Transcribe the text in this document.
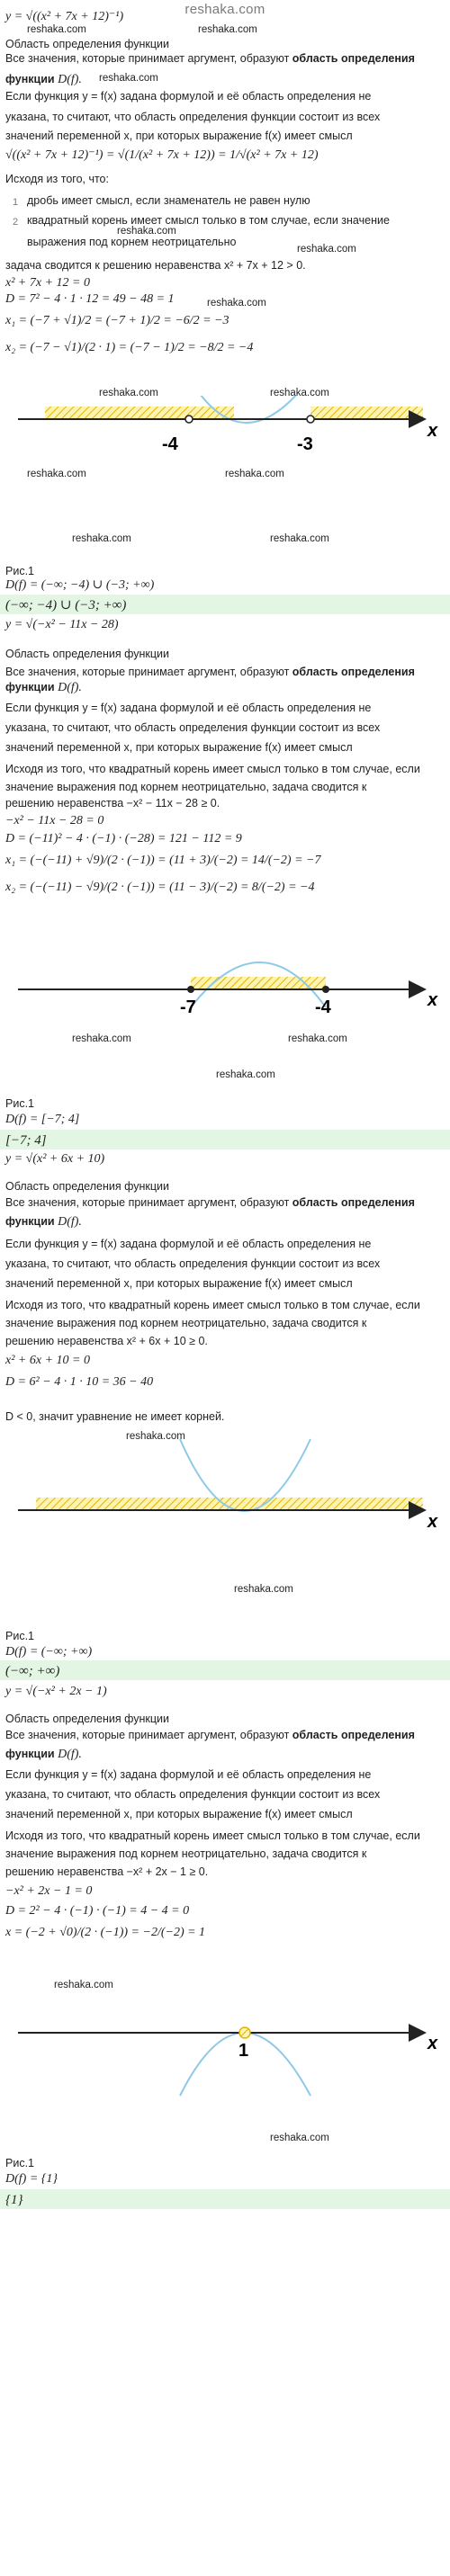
reshaka.com
y = √((x² + 7x + 12)⁻¹)
Область определения функции
Все значения, которые принимает аргумент, образуют область определения
функции D(f).
Если функция y = f(x) задана формулой и её область определения не
указана, то считают, что область определения функции состоит из всех
значений переменной x, при которых выражение f(x) имеет смысл
√((x² + 7x + 12)⁻¹) = √(1/(x² + 7x + 12)) = 1/√(x² + 7x + 12)
Исходя из того, что:
1 дробь имеет смысл, если знаменатель не равен нулю
2 квадратный корень имеет смысл только в том случае, если значение
выражения под корнем неотрицательно
задача сводится к решению неравенства x² + 7x + 12 > 0.
x² + 7x + 12 = 0
D = 7² − 4 · 1 · 12 = 49 − 48 = 1
x₁ = (−7 + √1)/2 = (−7 + 1)/2 = −6/2 = −3
x₂ = (−7 − √1)/(2 · 1) = (−7 − 1)/2 = −8/2 = −4
-4	-3
x
Рис.1
D(f) = (−∞; −4) ∪ (−3; +∞)
(−∞; −4) ∪ (−3; +∞)
y = √(−x² − 11x − 28)
Область определения функции
Все значения, которые принимает аргумент, образуют область определения
функции D(f).
Если функция y = f(x) задана формулой и её область определения не
указана, то считают, что область определения функции состоит из всех
значений переменной x, при которых выражение f(x) имеет смысл
Исходя из того, что квадратный корень имеет смысл только в том случае, если
значение выражения под корнем неотрицательно, задача сводится к
решению неравенства −x² − 11x − 28 ≥ 0.
−x² − 11x − 28 = 0
D = (−11)² − 4 · (−1) · (−28) = 121 − 112 = 9
x₁ = (−(−11) + √9)/(2 · (−1)) = (11 + 3)/(−2) = 14/(−2) = −7
x₂ = (−(−11) − √9)/(2 · (−1)) = (11 − 3)/(−2) = 8/(−2) = −4
-7	-4	x
Рис.1
D(f) = [−7; 4]
[−7; 4]
y = √(x² + 6x + 10)
Область определения функции
Все значения, которые принимает аргумент, образуют область определения
функции D(f).
Если функция y = f(x) задана формулой и её область определения не
указана, то считают, что область определения функции состоит из всех
значений переменной x, при которых выражение f(x) имеет смысл
Исходя из того, что квадратный корень имеет смысл только в том случае, если
значение выражения под корнем неотрицательно, задача сводится к
решению неравенства x² + 6x + 10 ≥ 0.
x² + 6x + 10 = 0
D = 6² − 4 · 1 · 10 = 36 − 40
D < 0, значит уравнение не имеет корней.
x
Рис.1
D(f) = (−∞; +∞)
(−∞; +∞)
y = √(−x² + 2x − 1)
Область определения функции
Все значения, которые принимает аргумент, образуют область определения
функции D(f).
Если функция y = f(x) задана формулой и её область определения не
указана, то считают, что область определения функции состоит из всех
значений переменной x, при которых выражение f(x) имеет смысл
Исходя из того, что квадратный корень имеет смысл только в том случае, если
значение выражения под корнем неотрицательно, задача сводится к
решению неравенства −x² + 2x − 1 ≥ 0.
−x² + 2x − 1 = 0
D = 2² − 4 · (−1) · (−1) = 4 − 4 = 0
x = (−2 + √0)/(2 · (−1)) = −2/(−2) = 1
1	x
Рис.1
D(f) = {1}
{1}
reshaka.com	reshaka.com
reshaka.com
reshaka.com
reshaka.com
reshaka.com
reshaka.com	reshaka.com
reshaka.com	reshaka.com
reshaka.com	reshaka.com
reshaka.com	reshaka.com
reshaka.com
reshaka.com
reshaka.com
reshaka.com
reshaka.com
